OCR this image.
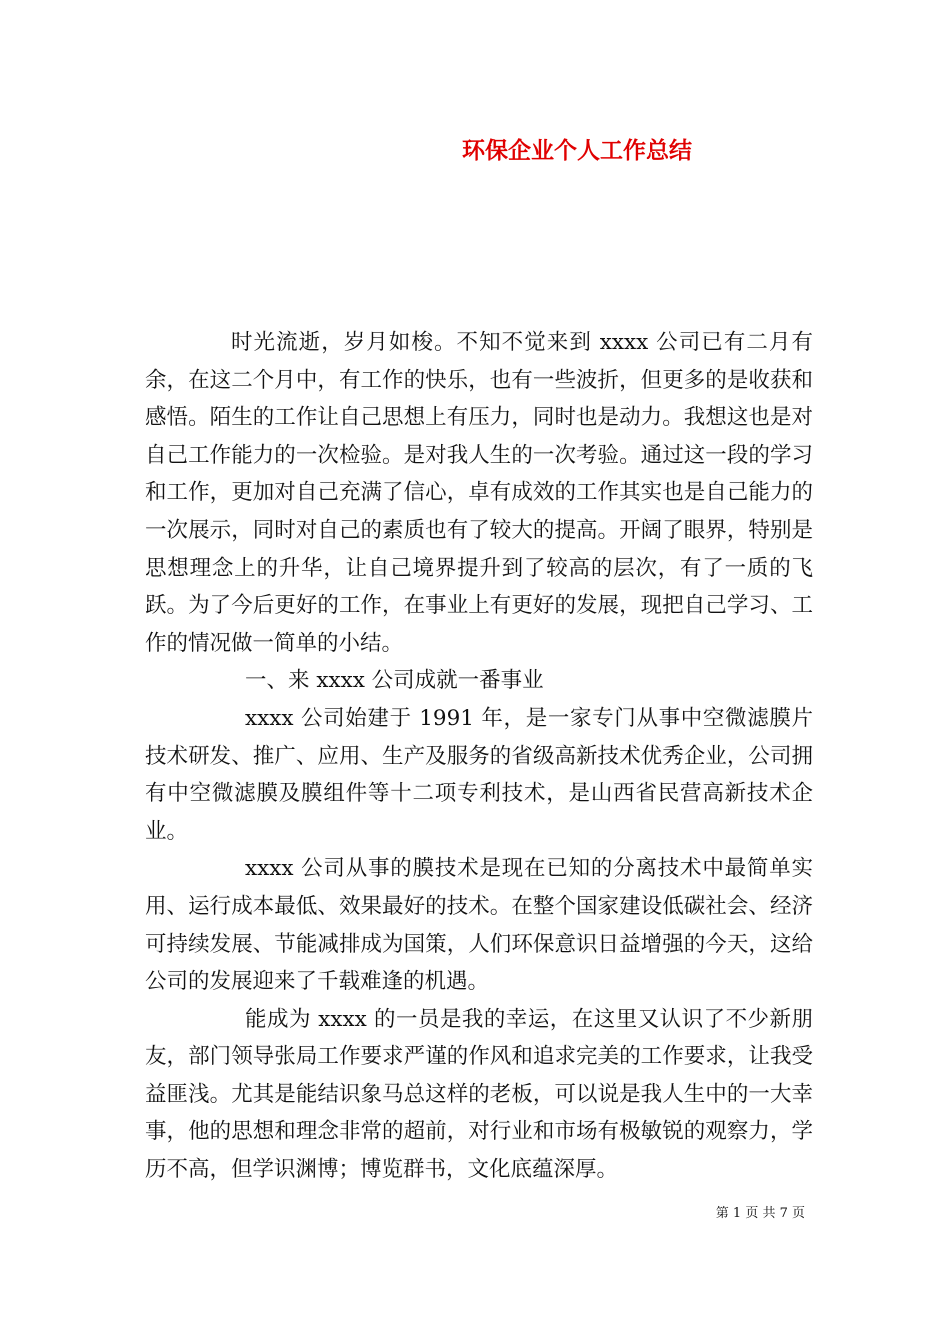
环保企业个人工作总结

时光流逝，岁月如梭。不知不觉来到 xxxx 公司已有二月有余，在这二个月中，有工作的快乐，也有一些波折，但更多的是收获和感悟。陌生的工作让自己思想上有压力，同时也是动力。我想这也是对自己工作能力的一次检验。是对我人生的一次考验。通过这一段的学习和工作，更加对自己充满了信心，卓有成效的工作其实也是自己能力的一次展示，同时对自己的素质也有了较大的提高。开阔了眼界，特别是思想理念上的升华，让自己境界提升到了较高的层次，有了一质的飞跃。为了今后更好的工作，在事业上有更好的发展，现把自己学习、工作的情况做一简单的小结。

一、来 xxxx 公司成就一番事业

xxxx 公司始建于 1991 年，是一家专门从事中空微滤膜片技术研发、推广、应用、生产及服务的省级高新技术优秀企业，公司拥有中空微滤膜及膜组件等十二项专利技术，是山西省民营高新技术企业。

xxxx 公司从事的膜技术是现在已知的分离技术中最简单实用、运行成本最低、效果最好的技术。在整个国家建设低碳社会、经济可持续发展、节能减排成为国策，人们环保意识日益增强的今天，这给公司的发展迎来了千载难逢的机遇。

能成为 xxxx 的一员是我的幸运，在这里又认识了不少新朋友，部门领导张局工作要求严谨的作风和追求完美的工作要求，让我受益匪浅。尤其是能结识象马总这样的老板，可以说是我人生中的一大幸事，他的思想和理念非常的超前，对行业和市场有极敏锐的观察力，学历不高，但学识渊博；博览群书，文化底蕴深厚。

第 1 页 共 7 页
